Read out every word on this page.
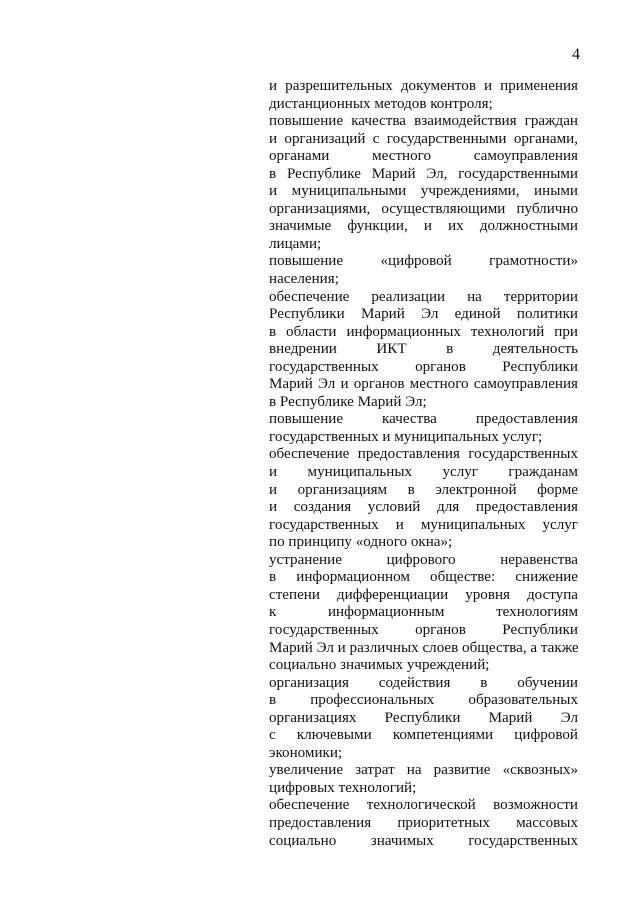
4
и разрешительных документов и применения
дистанционных методов контроля;
повышение качества взаимодействия граждан
и организаций с государственными органами,
органами местного самоуправления
в Республике Марий Эл, государственными
и муниципальными учреждениями, иными
организациями, осуществляющими публично
значимые функции, и их должностными
лицами;
повышение «цифровой грамотности»
населения;
обеспечение реализации на территории
Республики Марий Эл единой политики
в области информационных технологий при
внедрении ИКТ в деятельность
государственных органов Республики
Марий Эл и органов местного самоуправления
в Республике Марий Эл;
повышение качества предоставления
государственных и муниципальных услуг;
обеспечение предоставления государственных
и муниципальных услуг гражданам
и организациям в электронной форме
и создания условий для предоставления
государственных и муниципальных услуг
по принципу «одного окна»;
устранение цифрового неравенства
в информационном обществе: снижение
степени дифференциации уровня доступа
к информационным технологиям
государственных органов Республики
Марий Эл и различных слоев общества, а также
социально значимых учреждений;
организация содействия в обучении
в профессиональных образовательных
организациях Республики Марий Эл
с ключевыми компетенциями цифровой
экономики;
увеличение затрат на развитие «сквозных»
цифровых технологий;
обеспечение технологической возможности
предоставления приоритетных массовых
социально значимых государственных
